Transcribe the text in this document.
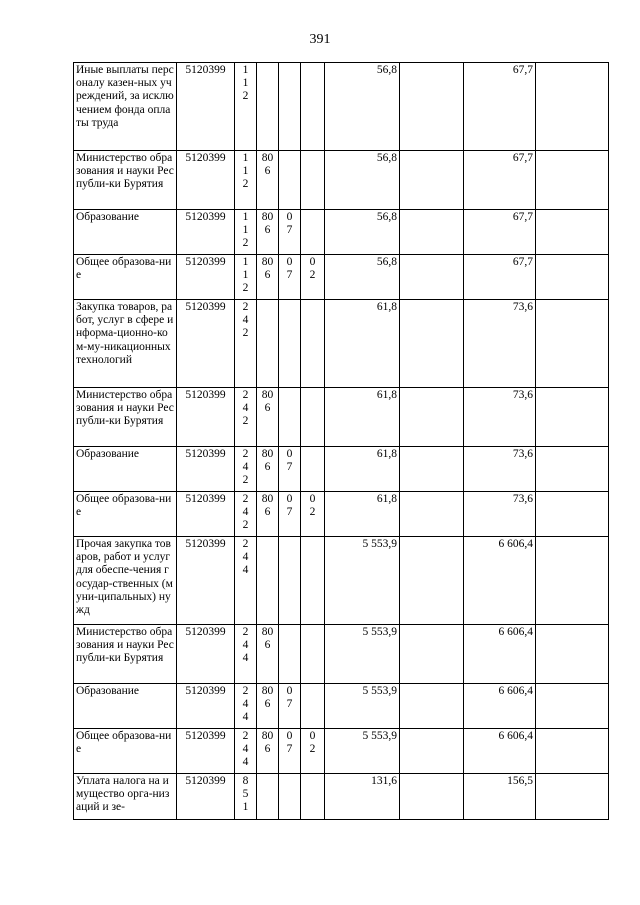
391
Иные выплаты персоналу казен-ных учреждений, за исключением фонда оплаты труда	5120399	112				56,8		67,7	

Министерство образования и науки Республи-ки Бурятия	5120399	112	806			56,8		67,7	

Образование	5120399	112	806	07		56,8		67,7	

Общее образова-ние	5120399	112	806	07	02	56,8		67,7	

Закупка товаров, работ, услуг в сфере информа-ционно-ком-му-никационных технологий	5120399	242				61,8		73,6	

Министерство образования и науки Республи-ки Бурятия	5120399	242	806			61,8		73,6	

Образование	5120399	242	806	07		61,8		73,6	

Общее образова-ние	5120399	242	806	07	02	61,8		73,6	

Прочая закупка товаров, работ и услуг для обеспе-чения государ-ственных (муни-ципальных) нужд	5120399	244				5 553,9		6 606,4	

Министерство образования и науки Республи-ки Бурятия	5120399	244	806			5 553,9		6 606,4	

Образование	5120399	244	806	07		5 553,9		6 606,4	

Общее образова-ние	5120399	244	806	07	02	5 553,9		6 606,4	

Уплата налога на имущество орга-низаций и зе-	5120399	851				131,6		156,5	
